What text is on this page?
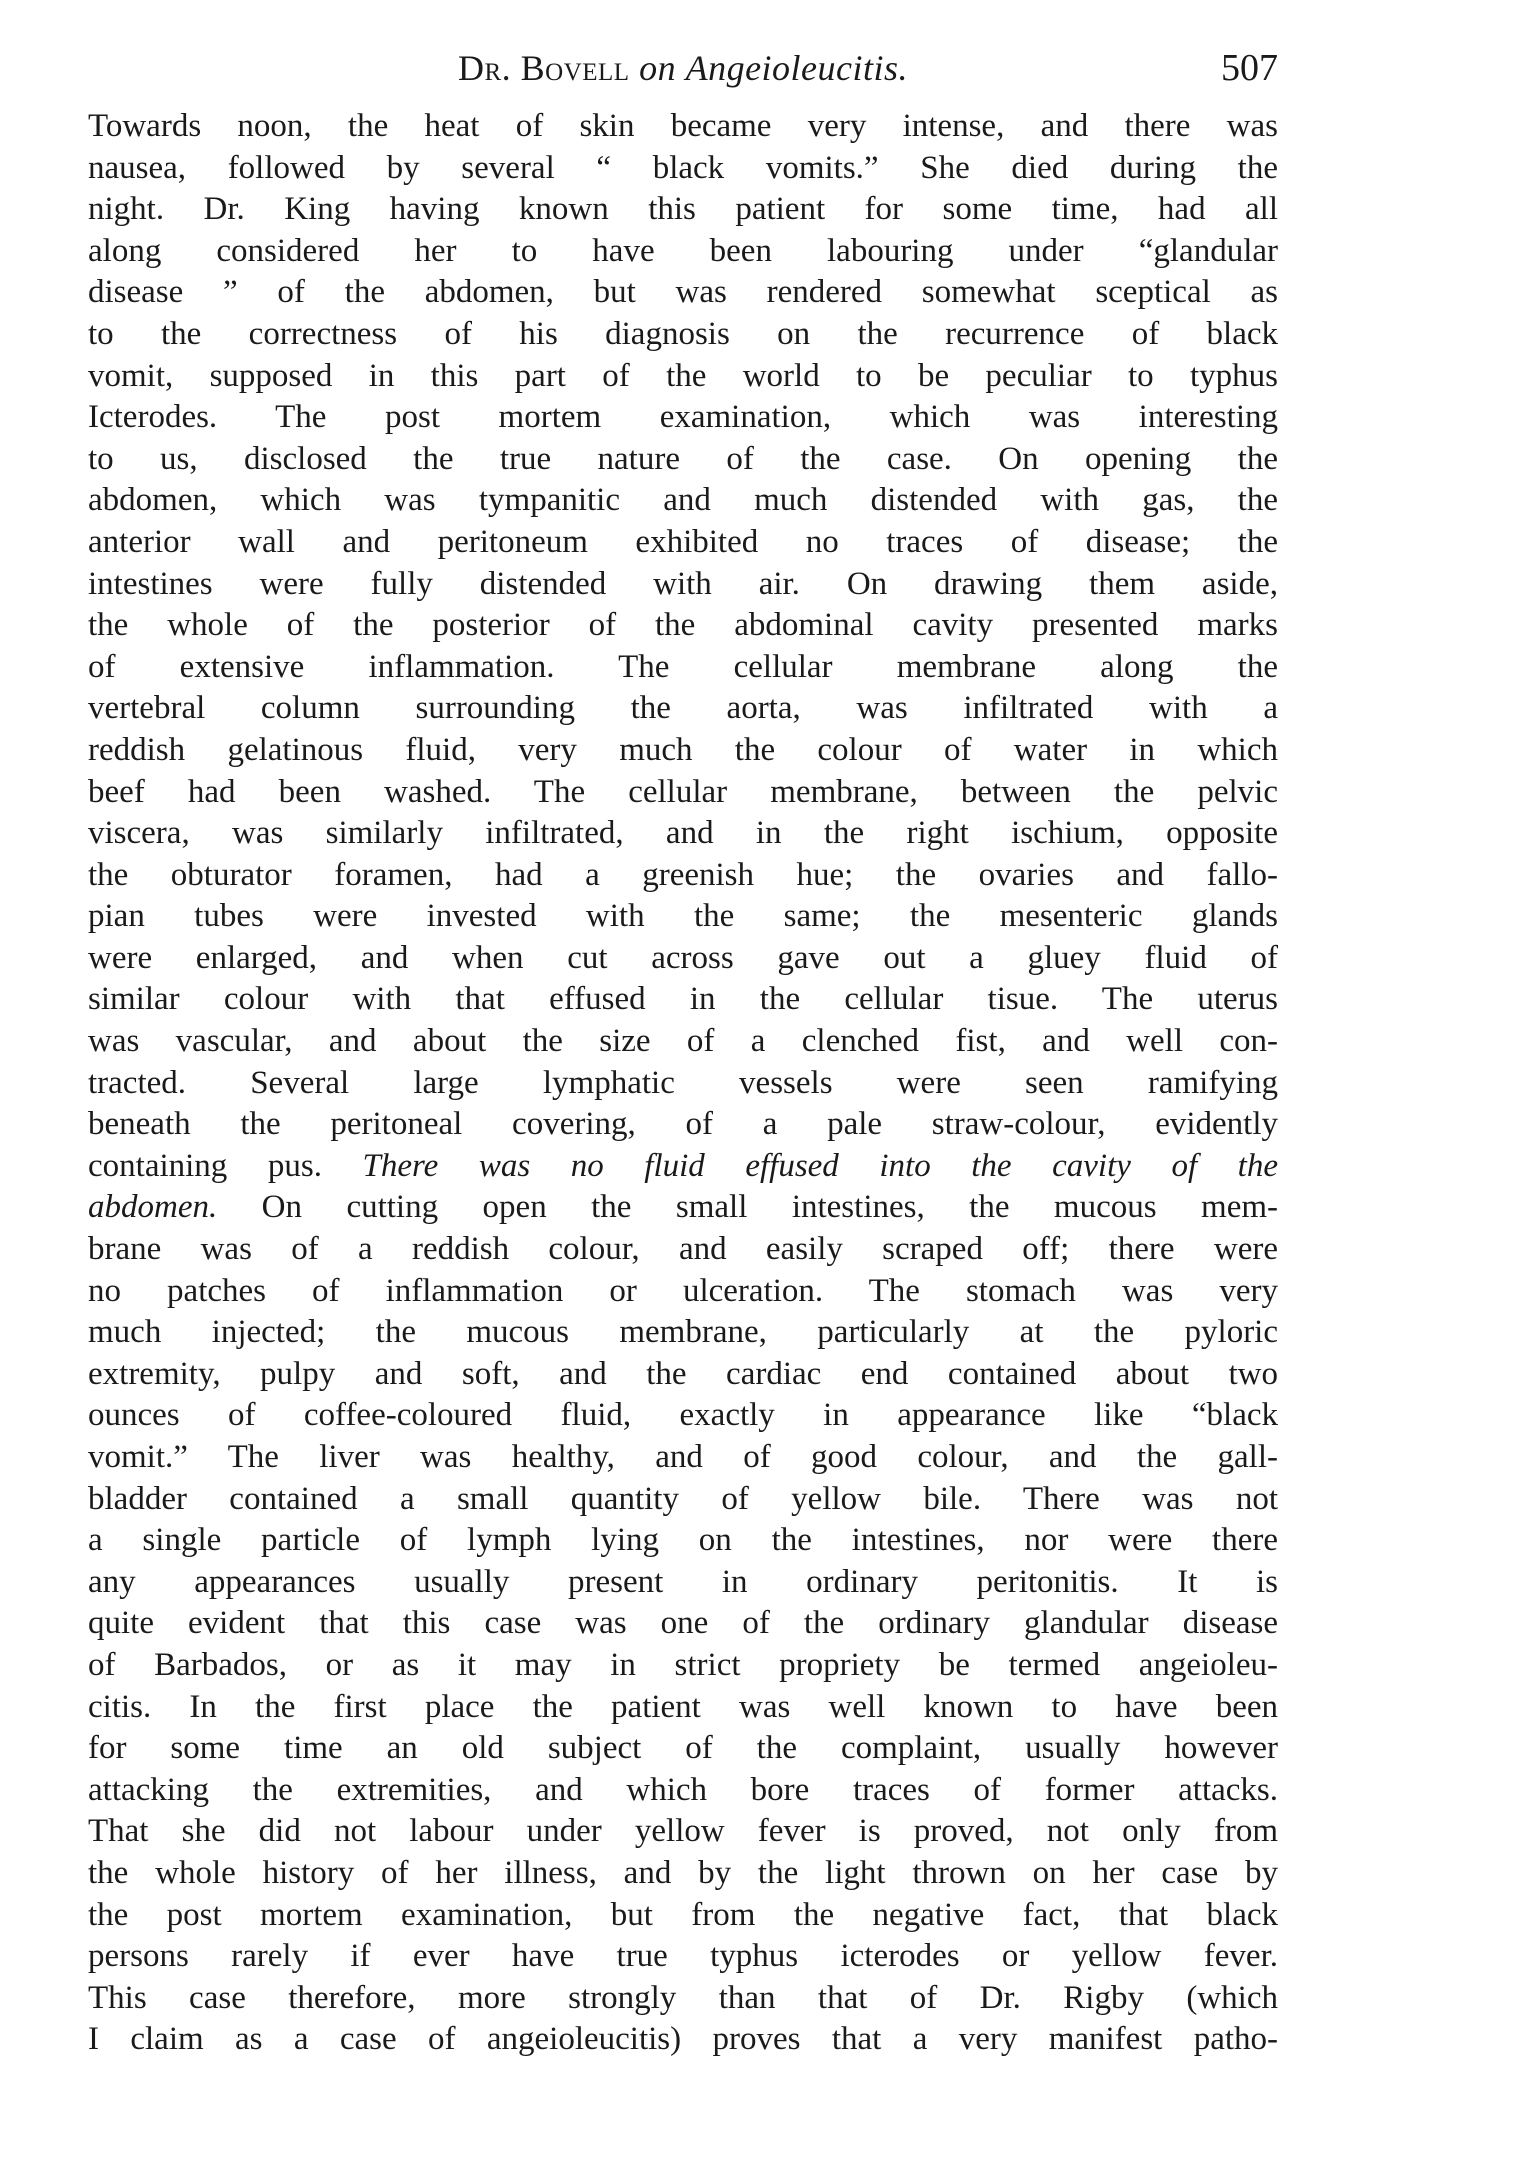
Dr. Bovell on Angeioleucitis.	507
Towards noon, the heat of skin became very intense, and there was
nausea, followed by several “ black vomits.” She died during the
night. Dr. King having known this patient for some time, had all
along considered her to have been labouring under “glandular
disease ” of the abdomen, but was rendered somewhat sceptical as
to the correctness of his diagnosis on the recurrence of black
vomit, supposed in this part of the world to be peculiar to typhus
Icterodes. The post mortem examination, which was interesting
to us, disclosed the true nature of the case. On opening the
abdomen, which was tympanitic and much distended with gas, the
anterior wall and peritoneum exhibited no traces of disease; the
intestines were fully distended with air. On drawing them aside,
the whole of the posterior of the abdominal cavity presented marks
of extensive inflammation. The cellular membrane along the
vertebral column surrounding the aorta, was infiltrated with a
reddish gelatinous fluid, very much the colour of water in which
beef had been washed. The cellular membrane, between the pelvic
viscera, was similarly infiltrated, and in the right ischium, opposite
the obturator foramen, had a greenish hue; the ovaries and fallo-
pian tubes were invested with the same; the mesenteric glands
were enlarged, and when cut across gave out a gluey fluid of
similar colour with that effused in the cellular tisue. The uterus
was vascular, and about the size of a clenched fist, and well con-
tracted. Several large lymphatic vessels were seen ramifying
beneath the peritoneal covering, of a pale straw-colour, evidently
containing pus. There was no fluid effused into the cavity of the
abdomen. On cutting open the small intestines, the mucous mem-
brane was of a reddish colour, and easily scraped off; there were
no patches of inflammation or ulceration. The stomach was very
much injected; the mucous membrane, particularly at the pyloric
extremity, pulpy and soft, and the cardiac end contained about two
ounces of coffee-coloured fluid, exactly in appearance like “black
vomit.” The liver was healthy, and of good colour, and the gall-
bladder contained a small quantity of yellow bile. There was not
a single particle of lymph lying on the intestines, nor were there
any appearances usually present in ordinary peritonitis. It is
quite evident that this case was one of the ordinary glandular disease
of Barbados, or as it may in strict propriety be termed angeioleu-
citis. In the first place the patient was well known to have been
for some time an old subject of the complaint, usually however
attacking the extremities, and which bore traces of former attacks.
That she did not labour under yellow fever is proved, not only from
the whole history of her illness, and by the light thrown on her case by
the post mortem examination, but from the negative fact, that black
persons rarely if ever have true typhus icterodes or yellow fever.
This case therefore, more strongly than that of Dr. Rigby (which
I claim as a case of angeioleucitis) proves that a very manifest patho-
